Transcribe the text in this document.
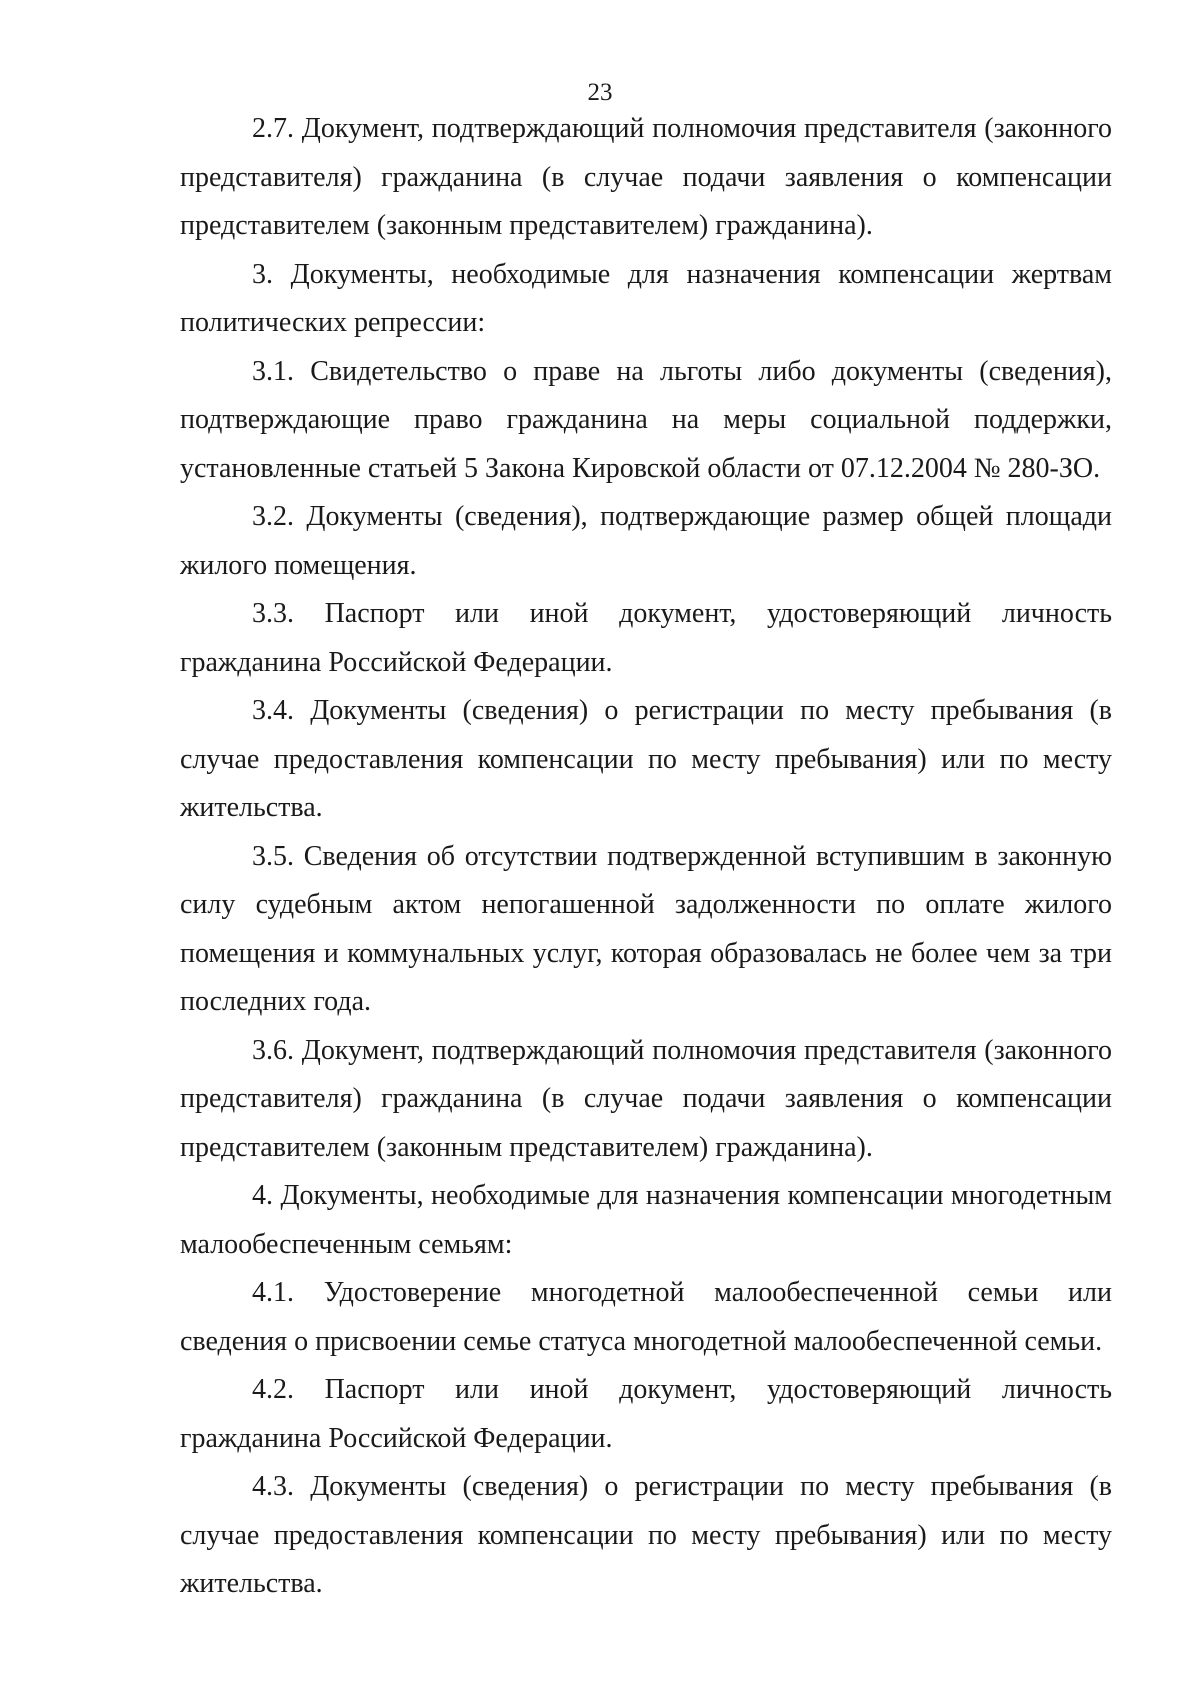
23

2.7. Документ, подтверждающий полномочия представителя (законного представителя) гражданина (в случае подачи заявления о компенсации представителем (законным представителем) гражданина).

3. Документы, необходимые для назначения компенсации жертвам политических репрессии:

3.1. Свидетельство о праве на льготы либо документы (сведения), подтверждающие право гражданина на меры социальной поддержки, установленные статьей 5 Закона Кировской области от 07.12.2004 № 280-ЗО.

3.2. Документы (сведения), подтверждающие размер общей площади жилого помещения.

3.3. Паспорт или иной документ, удостоверяющий личность гражданина Российской Федерации.

3.4. Документы (сведения) о регистрации по месту пребывания (в случае предоставления компенсации по месту пребывания) или по месту жительства.

3.5. Сведения об отсутствии подтвержденной вступившим в законную силу судебным актом непогашенной задолженности по оплате жилого помещения и коммунальных услуг, которая образовалась не более чем за три последних года.

3.6. Документ, подтверждающий полномочия представителя (законного представителя) гражданина (в случае подачи заявления о компенсации представителем (законным представителем) гражданина).

4. Документы, необходимые для назначения компенсации многодетным малообеспеченным семьям:

4.1. Удостоверение многодетной малообеспеченной семьи или сведения о присвоении семье статуса многодетной малообеспеченной семьи.

4.2. Паспорт или иной документ, удостоверяющий личность гражданина Российской Федерации.

4.3. Документы (сведения) о регистрации по месту пребывания (в случае предоставления компенсации по месту пребывания) или по месту жительства.
